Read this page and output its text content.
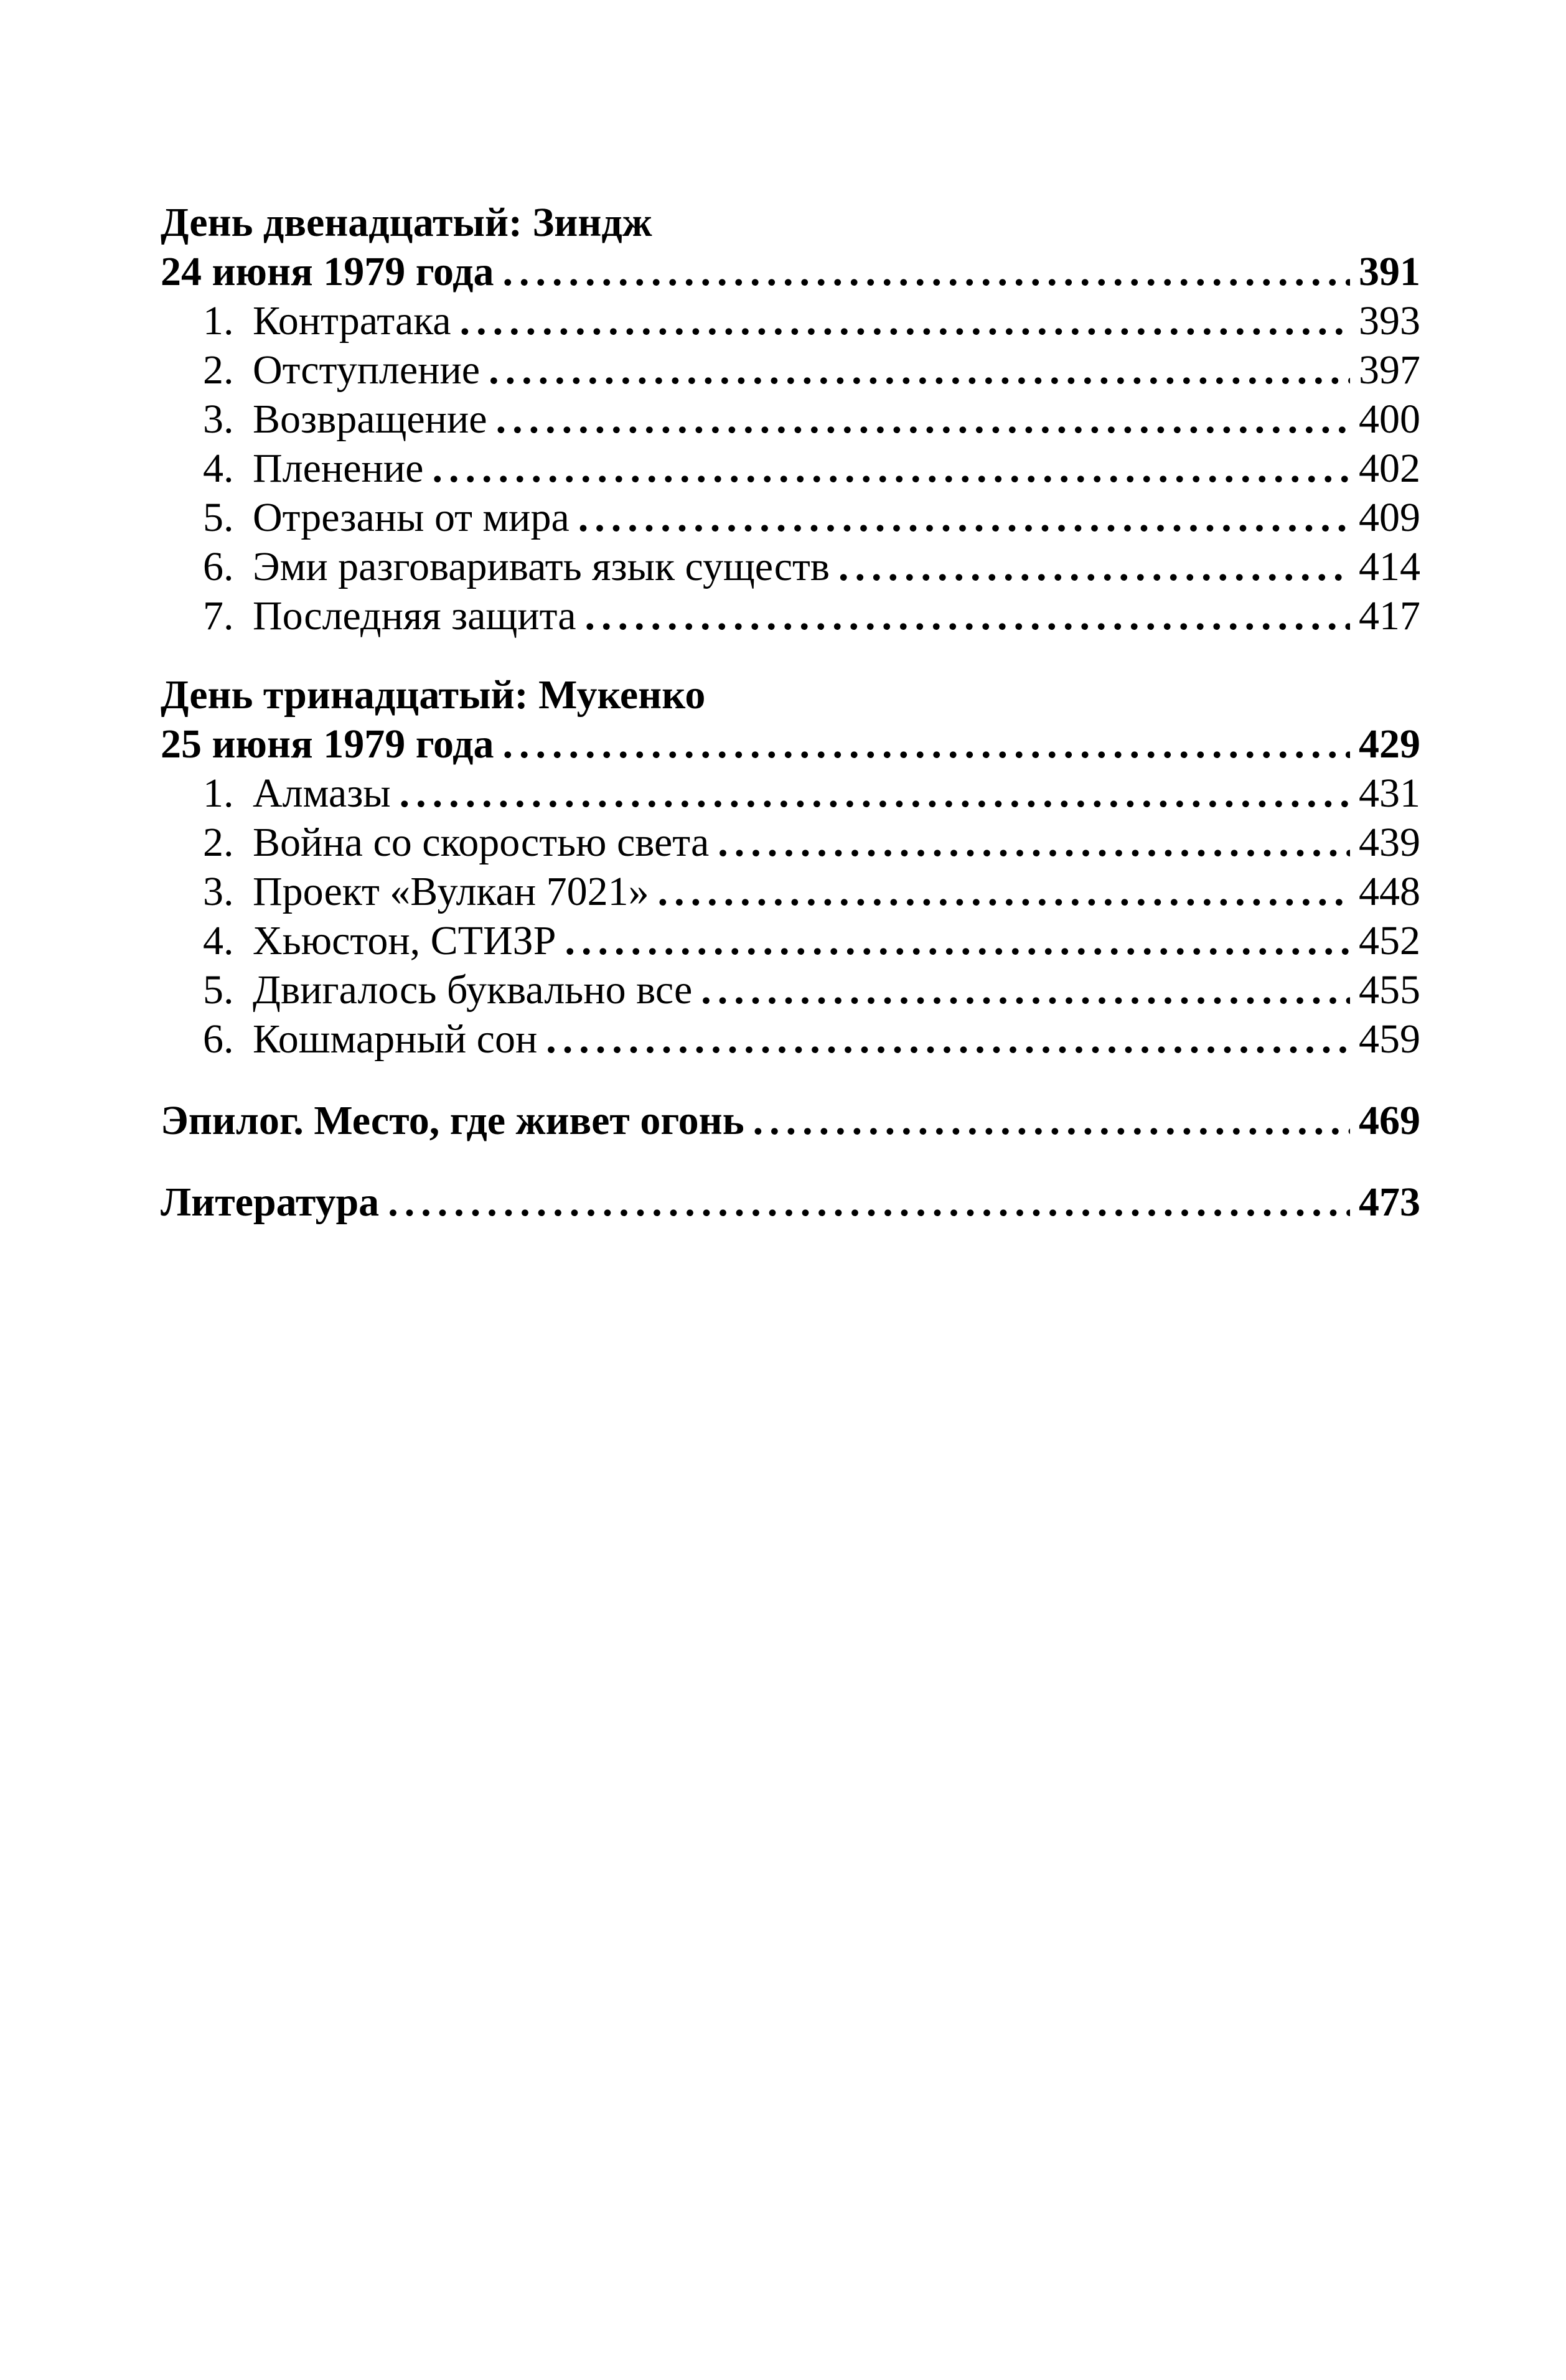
День двенадцатый: Зиндж
24 июня 1979 года .....	391
1. Контратака .....	393
2. Отступление .....	397
3. Возвращение .....	400
4. Пленение .....	402
5. Отрезаны от мира .....	409
6. Эми разговаривать язык существ .....	414
7. Последняя защита .....	417
День тринадцатый: Мукенко
25 июня 1979 года .....	429
1. Алмазы .....	431
2. Война со скоростью света .....	439
3. Проект «Вулкан 7021» .....	448
4. Хьюстон, СТИЗР .....	452
5. Двигалось буквально все .....	455
6. Кошмарный сон .....	459
Эпилог. Место, где живет огонь .....	469
Литература .....	473
